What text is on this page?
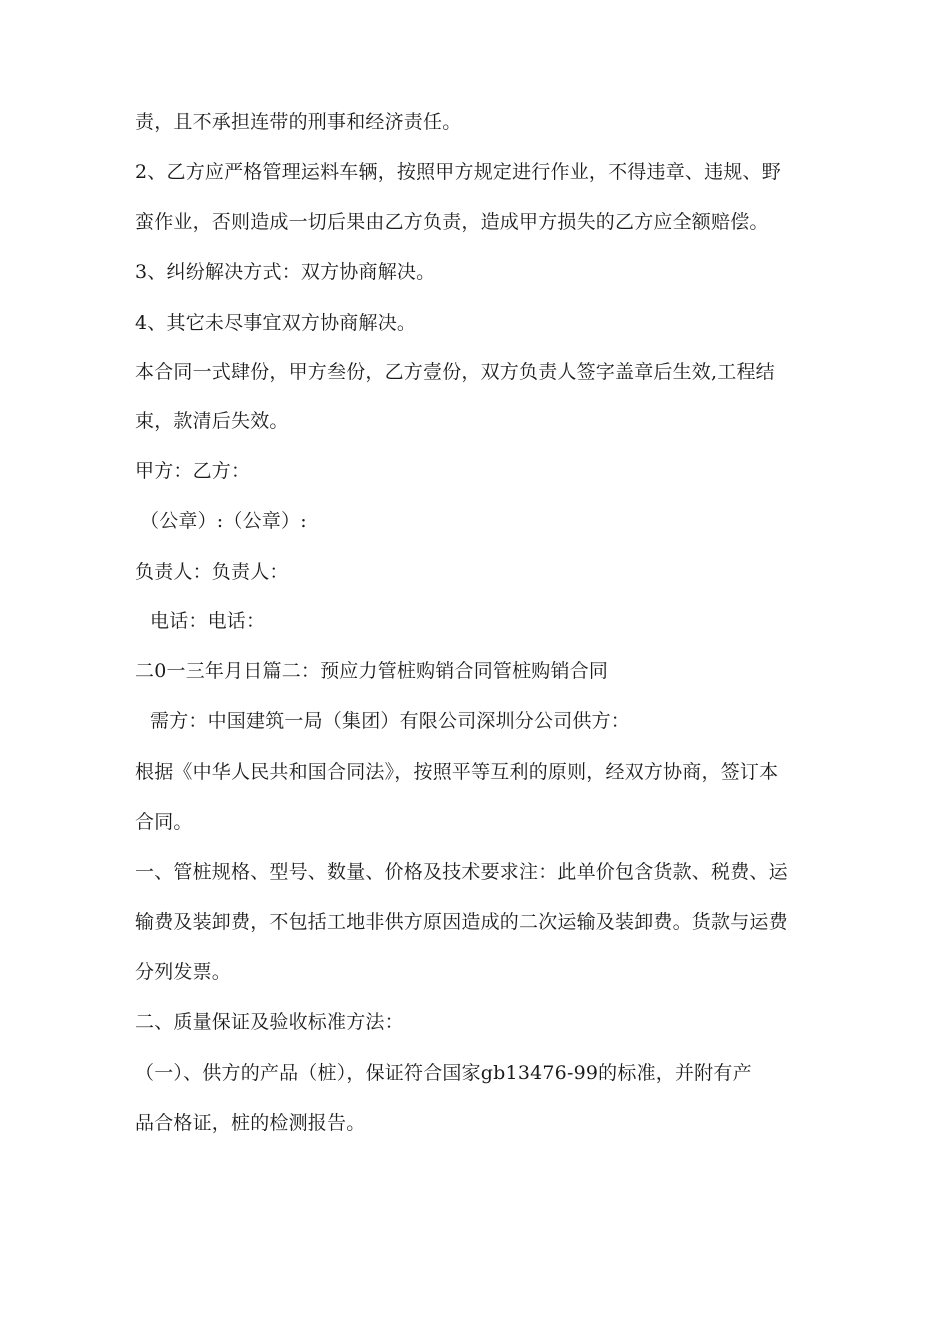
责，且不承担连带的刑事和经济责任。
2、乙方应严格管理运料车辆，按照甲方规定进行作业，不得违章、违规、野
蛮作业，否则造成一切后果由乙方负责，造成甲方损失的乙方应全额赔偿。
3、纠纷解决方式：双方协商解决。
4、其它未尽事宜双方协商解决。
本合同一式肆份，甲方叁份，乙方壹份，双方负责人签字盖章后生效,工程结
束，款清后失效。
甲方：乙方：
（公章）:（公章）:
负责人：负责人：
电话：电话：
二0一三年月日篇二：预应力管桩购销合同管桩购销合同
需方：中国建筑一局（集团）有限公司深圳分公司供方：
根据《中华人民共和国合同法》，按照平等互利的原则，经双方协商，签订本
合同。
一、管桩规格、型号、数量、价格及技术要求注：此单价包含货款、税费、运
输费及装卸费，不包括工地非供方原因造成的二次运输及装卸费。货款与运费
分列发票。
二、质量保证及验收标准方法：
（一）、供方的产品（桩），保证符合国家gb13476-99的标准，并附有产
品合格证，桩的检测报告。
